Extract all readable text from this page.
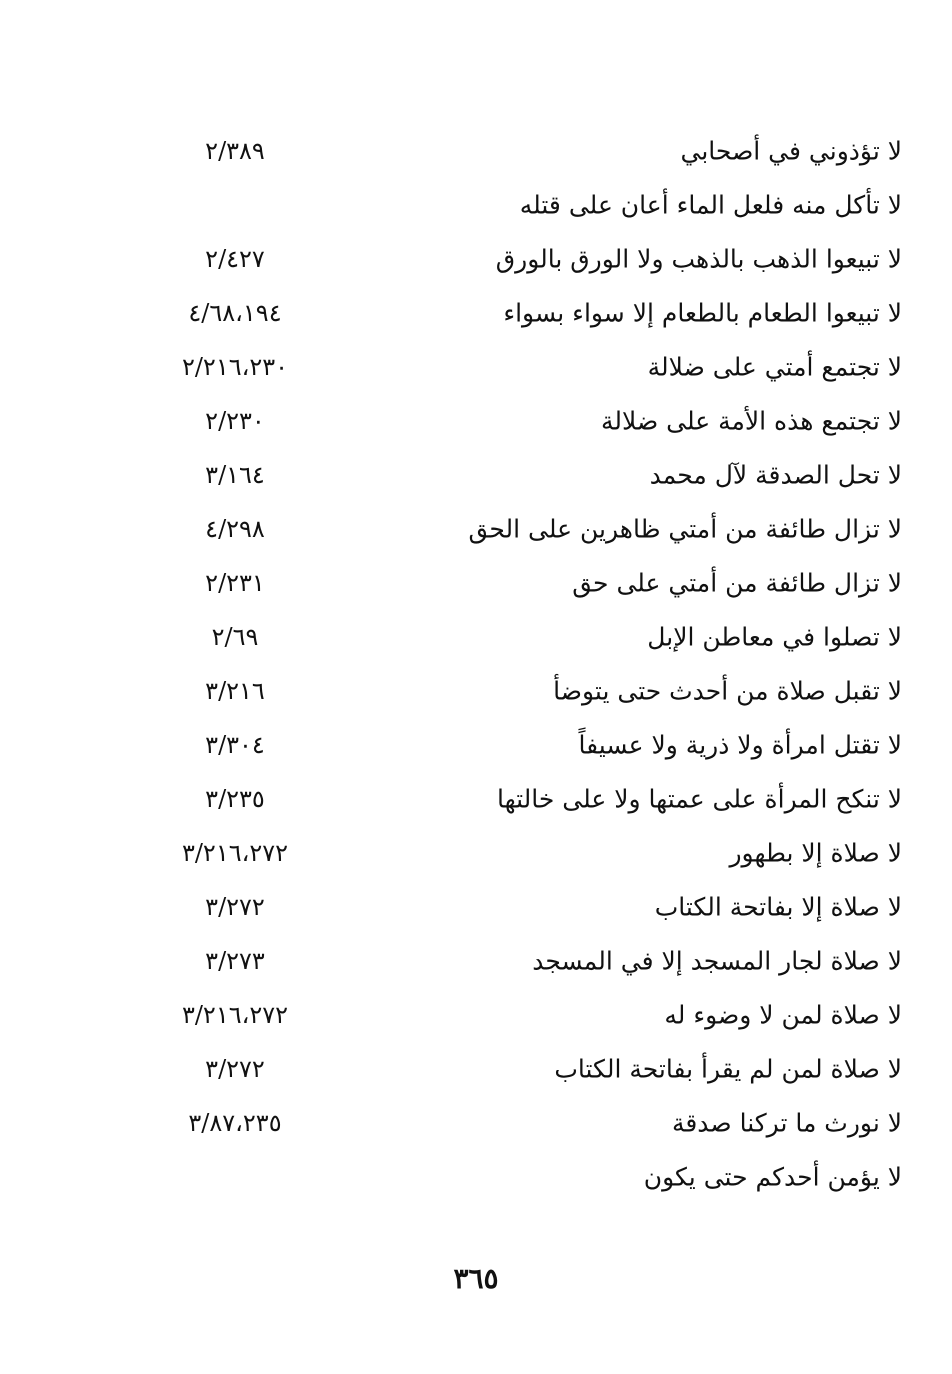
لا تؤذوني في أصحابي
٢/٣٨٩
لا تأكل منه فلعل الماء أعان على قتله
لا تبيعوا الذهب بالذهب ولا الورق بالورق
٢/٤٢٧
لا تبيعوا الطعام بالطعام إلا سواء بسواء
٤/٦٨،١٩٤
لا تجتمع أمتي على ضلالة
٢/٢١٦،٢٣٠
لا تجتمع هذه الأمة على ضلالة
٢/٢٣٠
لا تحل الصدقة لآل محمد
٣/١٦٤
لا تزال طائفة من أمتي ظاهرين على الحق
٤/٢٩٨
لا تزال طائفة من أمتي على حق
٢/٢٣١
لا تصلوا في معاطن الإبل
٢/٦٩
لا تقبل صلاة من أحدث حتى يتوضأ
٣/٢١٦
لا تقتل امرأة ولا ذرية ولا عسيفاً
٣/٣٠٤
لا تنكح المرأة على عمتها ولا على خالتها
٣/٢٣٥
لا صلاة إلا بطهور
٣/٢١٦،٢٧٢
لا صلاة إلا بفاتحة الكتاب
٣/٢٧٢
لا صلاة لجار المسجد إلا في المسجد
٣/٢٧٣
لا صلاة لمن لا وضوء له
٣/٢١٦،٢٧٢
لا صلاة لمن لم يقرأ بفاتحة الكتاب
٣/٢٧٢
لا نورث ما تركنا صدقة
٣/٨٧،٢٣٥
لا يؤمن أحدكم حتى يكون
٣٦٥
